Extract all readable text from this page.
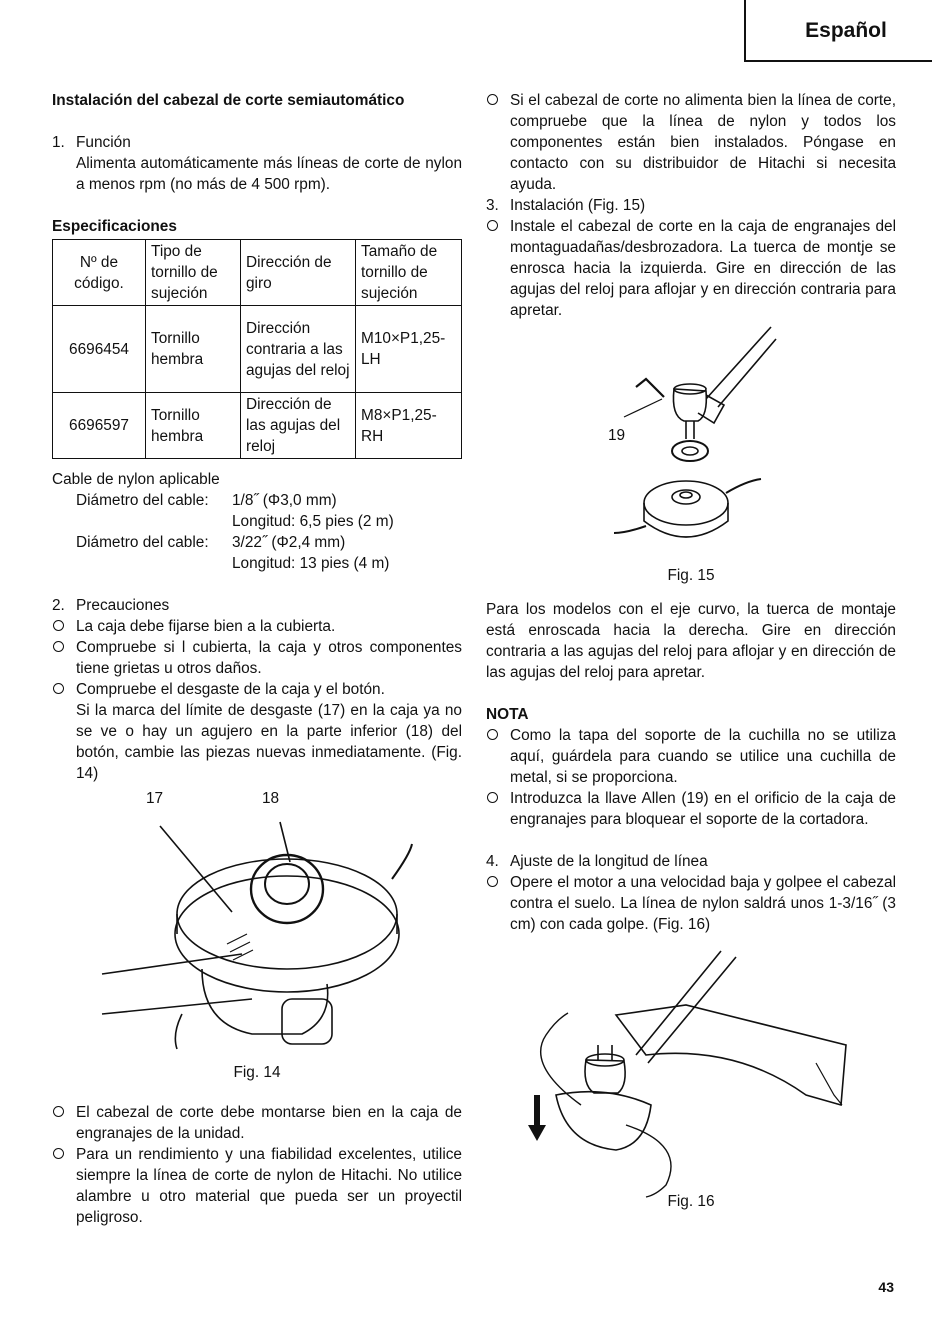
Español

Instalación del cabezal de corte semiautomático

1. Función

Alimenta automáticamente más líneas de corte de nylon a menos rpm (no más de 4 500 rpm).

Especificaciones

Nº de código.	Tipo de tornillo de sujeción	Dirección de giro	Tamaño de tornillo de sujeción
6696454	Tornillo hembra	Dirección contraria a las agujas del reloj	M10×P1,25-LH
6696597	Tornillo hembra	Dirección de las agujas del reloj	M8×P1,25-RH

Cable de nylon aplicable

Diámetro del cable:	1/8˝ (Φ3,0 mm)
Longitud: 6,5 pies (2 m)
Diámetro del cable:	3/22˝ (Φ2,4 mm)
Longitud: 13 pies (4 m)
2. Precauciones
La caja debe fijarse bien a la cubierta.
Compruebe si l cubierta, la caja y otros componentes tiene grietas u otros daños.
Compruebe el desgaste de la caja y el botón.

Si la marca del límite de desgaste (17) en la caja ya no se ve o hay un agujero en la parte inferior (18) del botón, cambie las piezas nuevas inmediatamente. (Fig. 14)

17	18
Fig. 14
El cabezal de corte debe montarse bien en la caja de engranajes de la unidad.
Para un rendimiento y una fiabilidad excelentes, utilice siempre la línea de corte de nylon de Hitachi. No utilice alambre u otro material que pueda ser un proyectil peligroso.
Si el cabezal de corte no alimenta bien la línea de corte, compruebe que la línea de nylon y todos los componentes están bien instalados. Póngase en contacto con su distribuidor de Hitachi si necesita ayuda.
3. Instalación (Fig. 15)
Instale el cabezal de corte en la caja de engranajes del montaguadañas/desbrozadora. La tuerca de montje se enrosca hacia la izquierda. Gire en dirección de las agujas del reloj para aflojar y en dirección contraria para apretar.
19
Fig. 15

Para los modelos con el eje curvo, la tuerca de montaje está enroscada hacia la derecha. Gire en dirección contraria a las agujas del reloj para aflojar y en dirección de las agujas del reloj para apretar.

NOTA

Como la tapa del soporte de la cuchilla no se utiliza aquí, guárdela para cuando se utilice una cuchilla de metal, si se proporciona.
Introduzca la llave Allen (19) en el orificio de la caja de engranajes para bloquear el soporte de la cortadora.
4. Ajuste de la longitud de línea
Opere el motor a una velocidad baja y golpee el cabezal contra el suelo. La línea de nylon saldrá unos 1-3/16˝ (3 cm) con cada golpe. (Fig. 16)
Fig. 16
43
